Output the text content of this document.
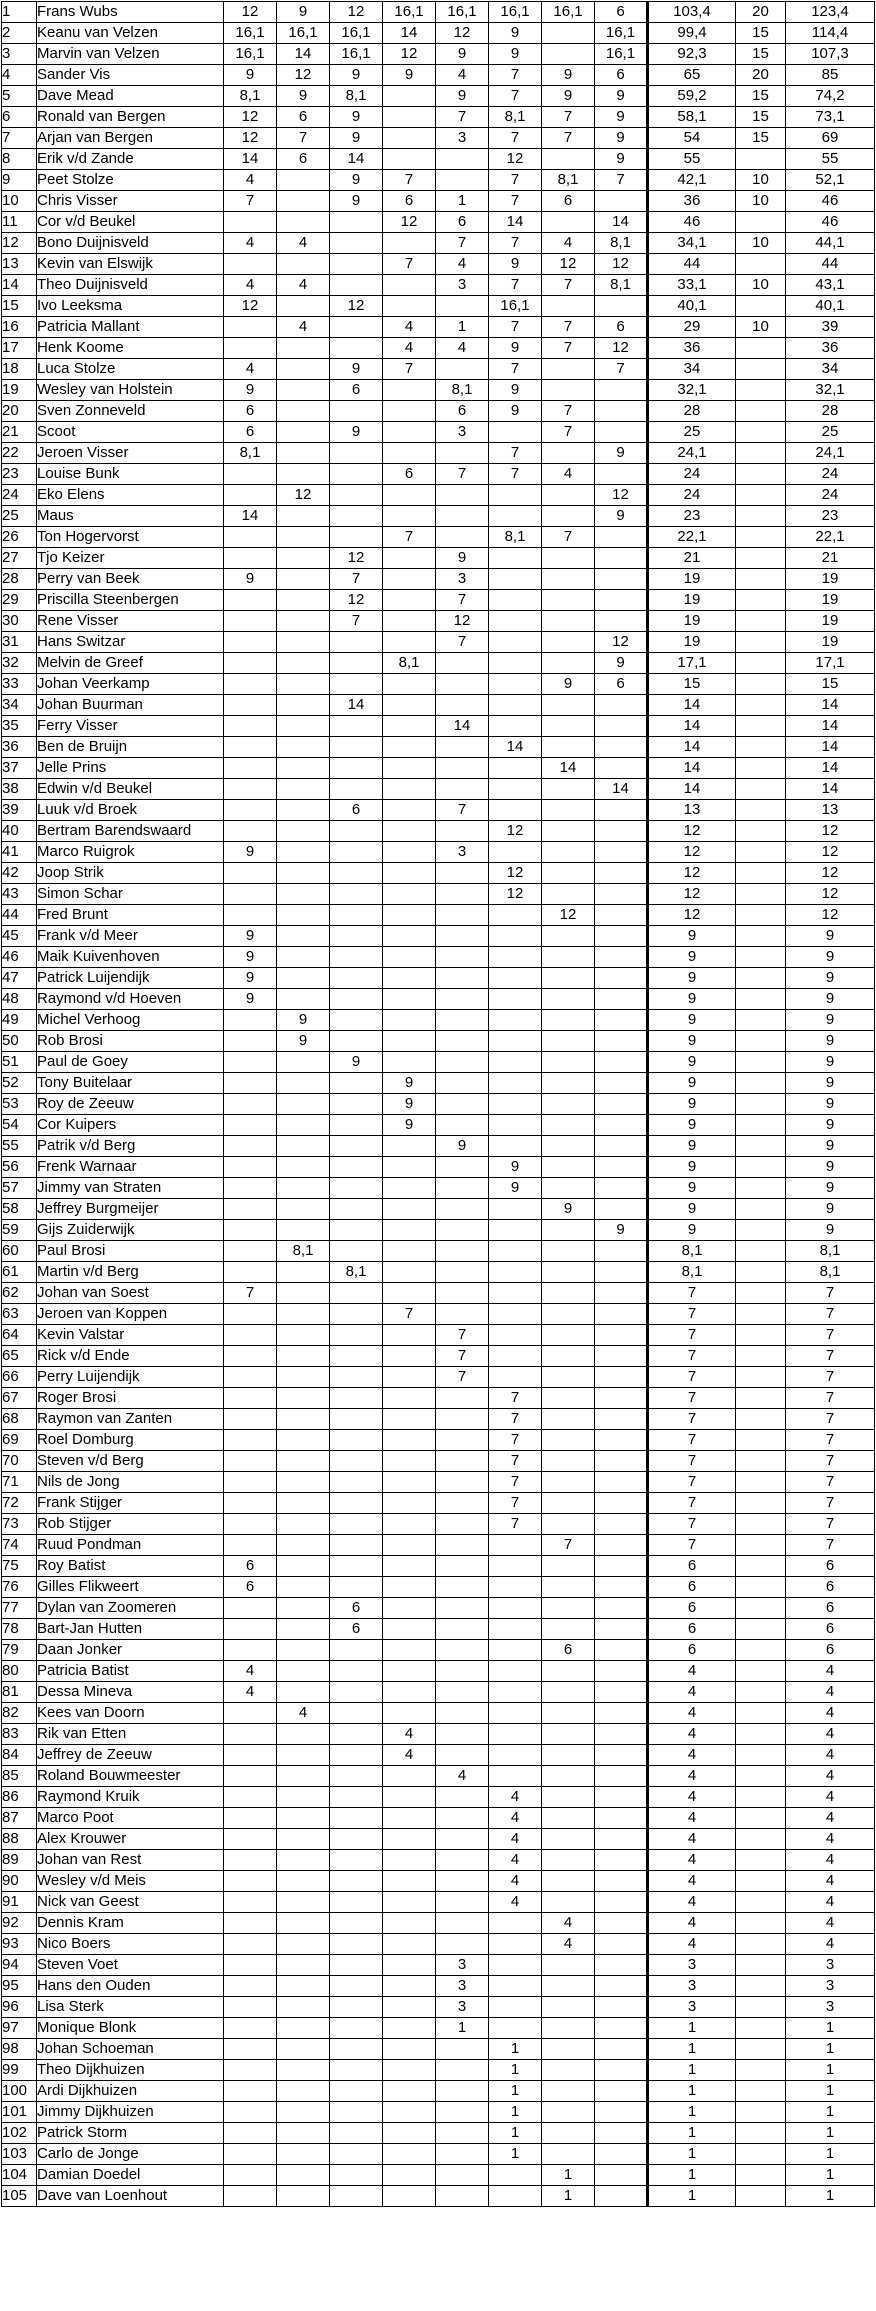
1	Frans Wubs	12	9	12	16,1	16,1	16,1	16,1	6	103,4	20	123,4
2	Keanu van Velzen	16,1	16,1	16,1	14	12	9		16,1	99,4	15	114,4
3	Marvin van Velzen	16,1	14	16,1	12	9	9		16,1	92,3	15	107,3
4	Sander Vis	9	12	9	9	4	7	9	6	65	20	85
5	Dave Mead	8,1	9	8,1		9	7	9	9	59,2	15	74,2
6	Ronald van Bergen	12	6	9		7	8,1	7	9	58,1	15	73,1
7	Arjan van Bergen	12	7	9		3	7	7	9	54	15	69
8	Erik v/d Zande	14	6	14			12		9	55		55
9	Peet Stolze	4		9	7		7	8,1	7	42,1	10	52,1
10	Chris Visser	7		9	6	1	7	6		36	10	46
11	Cor v/d Beukel				12	6	14		14	46		46
12	Bono Duijnisveld	4	4			7	7	4	8,1	34,1	10	44,1
13	Kevin van Elswijk				7	4	9	12	12	44		44
14	Theo Duijnisveld	4	4			3	7	7	8,1	33,1	10	43,1
15	Ivo Leeksma	12		12			16,1			40,1		40,1
16	Patricia Mallant		4		4	1	7	7	6	29	10	39
17	Henk Koome				4	4	9	7	12	36		36
18	Luca Stolze	4		9	7		7		7	34		34
19	Wesley van Holstein	9		6		8,1	9			32,1		32,1
20	Sven Zonneveld	6				6	9	7		28		28
21	Scoot	6		9		3		7		25		25
22	Jeroen Visser	8,1					7		9	24,1		24,1
23	Louise Bunk				6	7	7	4		24		24
24	Eko Elens		12						12	24		24
25	Maus	14							9	23		23
26	Ton Hogervorst				7		8,1	7		22,1		22,1
27	Tjo Keizer			12		9				21		21
28	Perry van Beek	9		7		3				19		19
29	Priscilla Steenbergen			12		7				19		19
30	Rene Visser			7		12				19		19
31	Hans Switzar					7			12	19		19
32	Melvin de Greef				8,1				9	17,1		17,1
33	Johan Veerkamp							9	6	15		15
34	Johan Buurman			14						14		14
35	Ferry Visser					14				14		14
36	Ben de Bruijn						14			14		14
37	Jelle Prins							14		14		14
38	Edwin v/d Beukel								14	14		14
39	Luuk v/d Broek			6		7				13		13
40	Bertram Barendswaard						12			12		12
41	Marco Ruigrok	9				3				12		12
42	Joop Strik						12			12		12
43	Simon Schar						12			12		12
44	Fred Brunt							12		12		12
45	Frank v/d Meer	9								9		9
46	Maik Kuivenhoven	9								9		9
47	Patrick Luijendijk	9								9		9
48	Raymond v/d Hoeven	9								9		9
49	Michel Verhoog		9							9		9
50	Rob Brosi		9							9		9
51	Paul de Goey			9						9		9
52	Tony Buitelaar				9					9		9
53	Roy de Zeeuw				9					9		9
54	Cor Kuipers				9					9		9
55	Patrik v/d Berg					9				9		9
56	Frenk Warnaar						9			9		9
57	Jimmy van Straten						9			9		9
58	Jeffrey Burgmeijer							9		9		9
59	Gijs Zuiderwijk								9	9		9
60	Paul Brosi		8,1							8,1		8,1
61	Martin v/d Berg			8,1						8,1		8,1
62	Johan van Soest	7								7		7
63	Jeroen van Koppen				7					7		7
64	Kevin Valstar					7				7		7
65	Rick v/d Ende					7				7		7
66	Perry Luijendijk					7				7		7
67	Roger Brosi						7			7		7
68	Raymon van Zanten						7			7		7
69	Roel Domburg						7			7		7
70	Steven v/d Berg						7			7		7
71	Nils de Jong						7			7		7
72	Frank Stijger						7			7		7
73	Rob Stijger						7			7		7
74	Ruud Pondman							7		7		7
75	Roy Batist	6								6		6
76	Gilles Flikweert	6								6		6
77	Dylan van Zoomeren			6						6		6
78	Bart-Jan Hutten			6						6		6
79	Daan Jonker							6		6		6
80	Patricia Batist	4								4		4
81	Dessa Mineva	4								4		4
82	Kees van Doorn		4							4		4
83	Rik van Etten				4					4		4
84	Jeffrey de Zeeuw				4					4		4
85	Roland Bouwmeester					4				4		4
86	Raymond Kruik						4			4		4
87	Marco Poot						4			4		4
88	Alex Krouwer						4			4		4
89	Johan van Rest						4			4		4
90	Wesley v/d Meis						4			4		4
91	Nick van Geest						4			4		4
92	Dennis Kram							4		4		4
93	Nico Boers							4		4		4
94	Steven Voet					3				3		3
95	Hans den Ouden					3				3		3
96	Lisa Sterk					3				3		3
97	Monique Blonk					1				1		1
98	Johan Schoeman						1			1		1
99	Theo Dijkhuizen						1			1		1
100	Ardi Dijkhuizen						1			1		1
101	Jimmy Dijkhuizen						1			1		1
102	Patrick Storm						1			1		1
103	Carlo de Jonge						1			1		1
104	Damian Doedel							1		1		1
105	Dave van Loenhout							1		1		1
